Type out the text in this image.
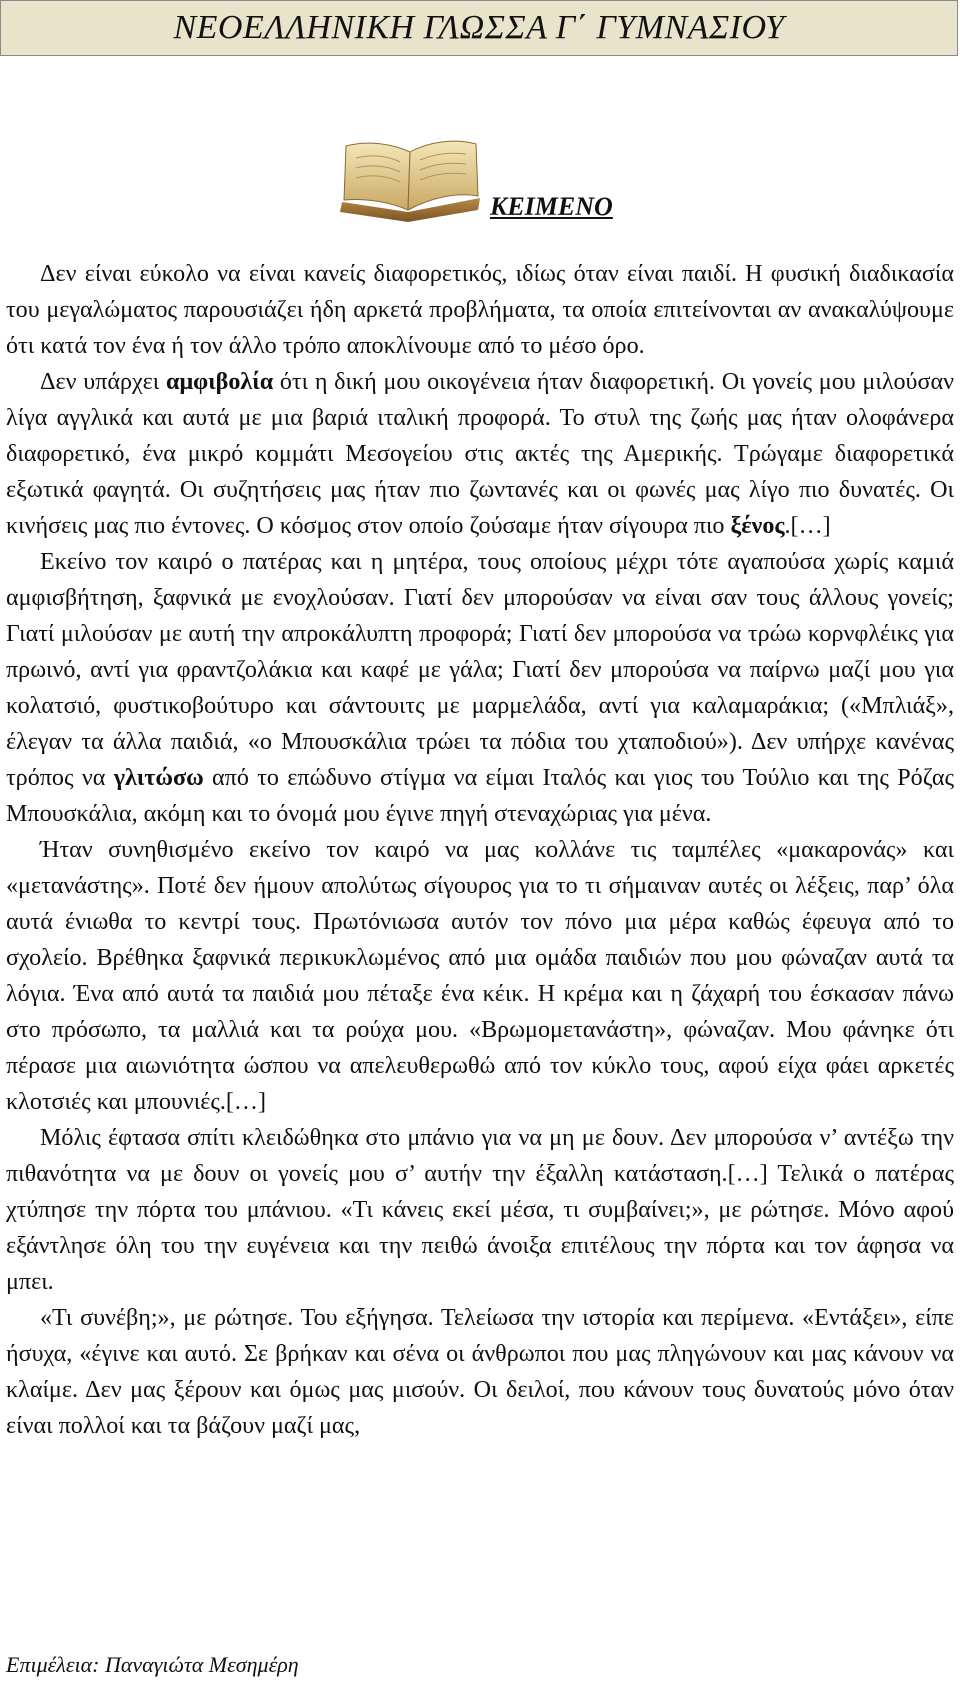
ΝΕΟΕΛΛΗΝΙΚΗ ΓΛΩΣΣΑ Γ΄ ΓΥΜΝΑΣΙΟΥ
ΚΕΙΜΕΝΟ

Δεν είναι εύκολο να είναι κανείς διαφορετικός, ιδίως όταν είναι παιδί. Η φυσική διαδικασία του μεγαλώματος παρουσιάζει ήδη αρκετά προβλήματα, τα οποία επιτείνονται αν ανακαλύψουμε ότι κατά τον ένα ή τον άλλο τρόπο αποκλίνουμε από το μέσο όρο.

Δεν υπάρχει αμφιβολία ότι η δική μου οικογένεια ήταν διαφορετική. Οι γονείς μου μιλούσαν λίγα αγγλικά και αυτά με μια βαριά ιταλική προφορά. Το στυλ της ζωής μας ήταν ολοφάνερα διαφορετικό, ένα μικρό κομμάτι Μεσογείου στις ακτές της Αμερικής. Τρώγαμε διαφορετικά εξωτικά φαγητά. Οι συζητήσεις μας ήταν πιο ζωντανές και οι φωνές μας λίγο πιο δυνατές. Οι κινήσεις μας πιο έντονες. Ο κόσμος στον οποίο ζούσαμε ήταν σίγουρα πιο ξένος.[…]

Εκείνο τον καιρό ο πατέρας και η μητέρα, τους οποίους μέχρι τότε αγαπούσα χωρίς καμιά αμφισβήτηση, ξαφνικά με ενοχλούσαν. Γιατί δεν μπορούσαν να είναι σαν τους άλλους γονείς; Γιατί μιλούσαν με αυτή την απροκάλυπτη προφορά; Γιατί δεν μπορούσα να τρώω κορνφλέικς για πρωινό, αντί για φραντζολάκια και καφέ με γάλα; Γιατί δεν μπορούσα να παίρνω μαζί μου για κολατσιό, φυστικοβούτυρο και σάντουιτς με μαρμελάδα, αντί για καλαμαράκια; («Μπλιάξ», έλεγαν τα άλλα παιδιά, «ο Μπουσκάλια τρώει τα πόδια του χταποδιού»). Δεν υπήρχε κανένας τρόπος να γλιτώσω από το επώδυνο στίγμα να είμαι Ιταλός και γιος του Τούλιο και της Ρόζας Μπουσκάλια, ακόμη και το όνομά μου έγινε πηγή στεναχώριας για μένα.

Ήταν συνηθισμένο εκείνο τον καιρό να μας κολλάνε τις ταμπέλες «μακαρονάς» και «μετανάστης». Ποτέ δεν ήμουν απολύτως σίγουρος για το τι σήμαιναν αυτές οι λέξεις, παρ’ όλα αυτά ένιωθα το κεντρί τους. Πρωτόνιωσα αυτόν τον πόνο μια μέρα καθώς έφευγα από το σχολείο. Βρέθηκα ξαφνικά περικυκλωμένος από μια ομάδα παιδιών που μου φώναζαν αυτά τα λόγια. Ένα από αυτά τα παιδιά μου πέταξε ένα κέικ. Η κρέμα και η ζάχαρή του έσκασαν πάνω στο πρόσωπο, τα μαλλιά και τα ρούχα μου. «Βρωμομετανάστη», φώναζαν. Μου φάνηκε ότι πέρασε μια αιωνιότητα ώσπου να απελευθερωθώ από τον κύκλο τους, αφού είχα φάει αρκετές κλοτσιές και μπουνιές.[…]

Μόλις έφτασα σπίτι κλειδώθηκα στο μπάνιο για να μη με δουν. Δεν μπορούσα ν’ αντέξω την πιθανότητα να με δουν οι γονείς μου σ’ αυτήν την έξαλλη κατάσταση.[…] Τελικά ο πατέρας χτύπησε την πόρτα του μπάνιου. «Τι κάνεις εκεί μέσα, τι συμβαίνει;», με ρώτησε. Μόνο αφού εξάντλησε όλη του την ευγένεια και την πειθώ άνοιξα επιτέλους την πόρτα και τον άφησα να μπει.

«Τι συνέβη;», με ρώτησε. Του εξήγησα. Τελείωσα την ιστορία και περίμενα. «Εντάξει», είπε ήσυχα, «έγινε και αυτό. Σε βρήκαν και σένα οι άνθρωποι που μας πληγώνουν και μας κάνουν να κλαίμε. Δεν μας ξέρουν και όμως μας μισούν. Οι δειλοί, που κάνουν τους δυνατούς μόνο όταν είναι πολλοί και τα βάζουν μαζί μας,

Επιμέλεια: Παναγιώτα Μεσημέρη
